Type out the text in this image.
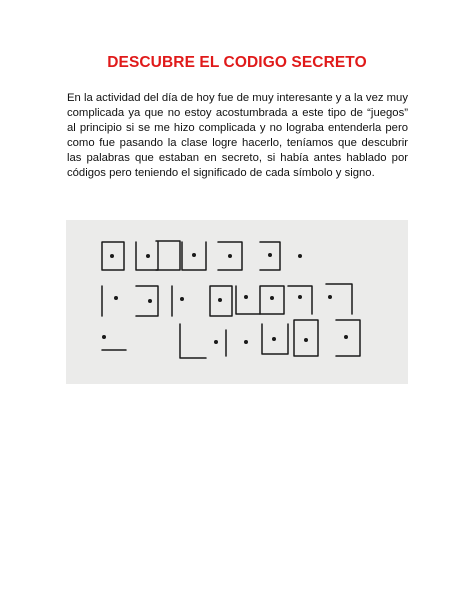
DESCUBRE EL CODIGO SECRETO
En la actividad del día de hoy fue de muy interesante y a la vez muy complicada ya que no estoy acostumbrada a este tipo de “juegos” al principio si se me hizo complicada y no lograba entenderla pero como fue pasando la clase logre hacerlo, teníamos que descubrir las palabras que estaban en secreto, si había antes hablado por códigos pero teniendo el significado de cada símbolo y signo.
